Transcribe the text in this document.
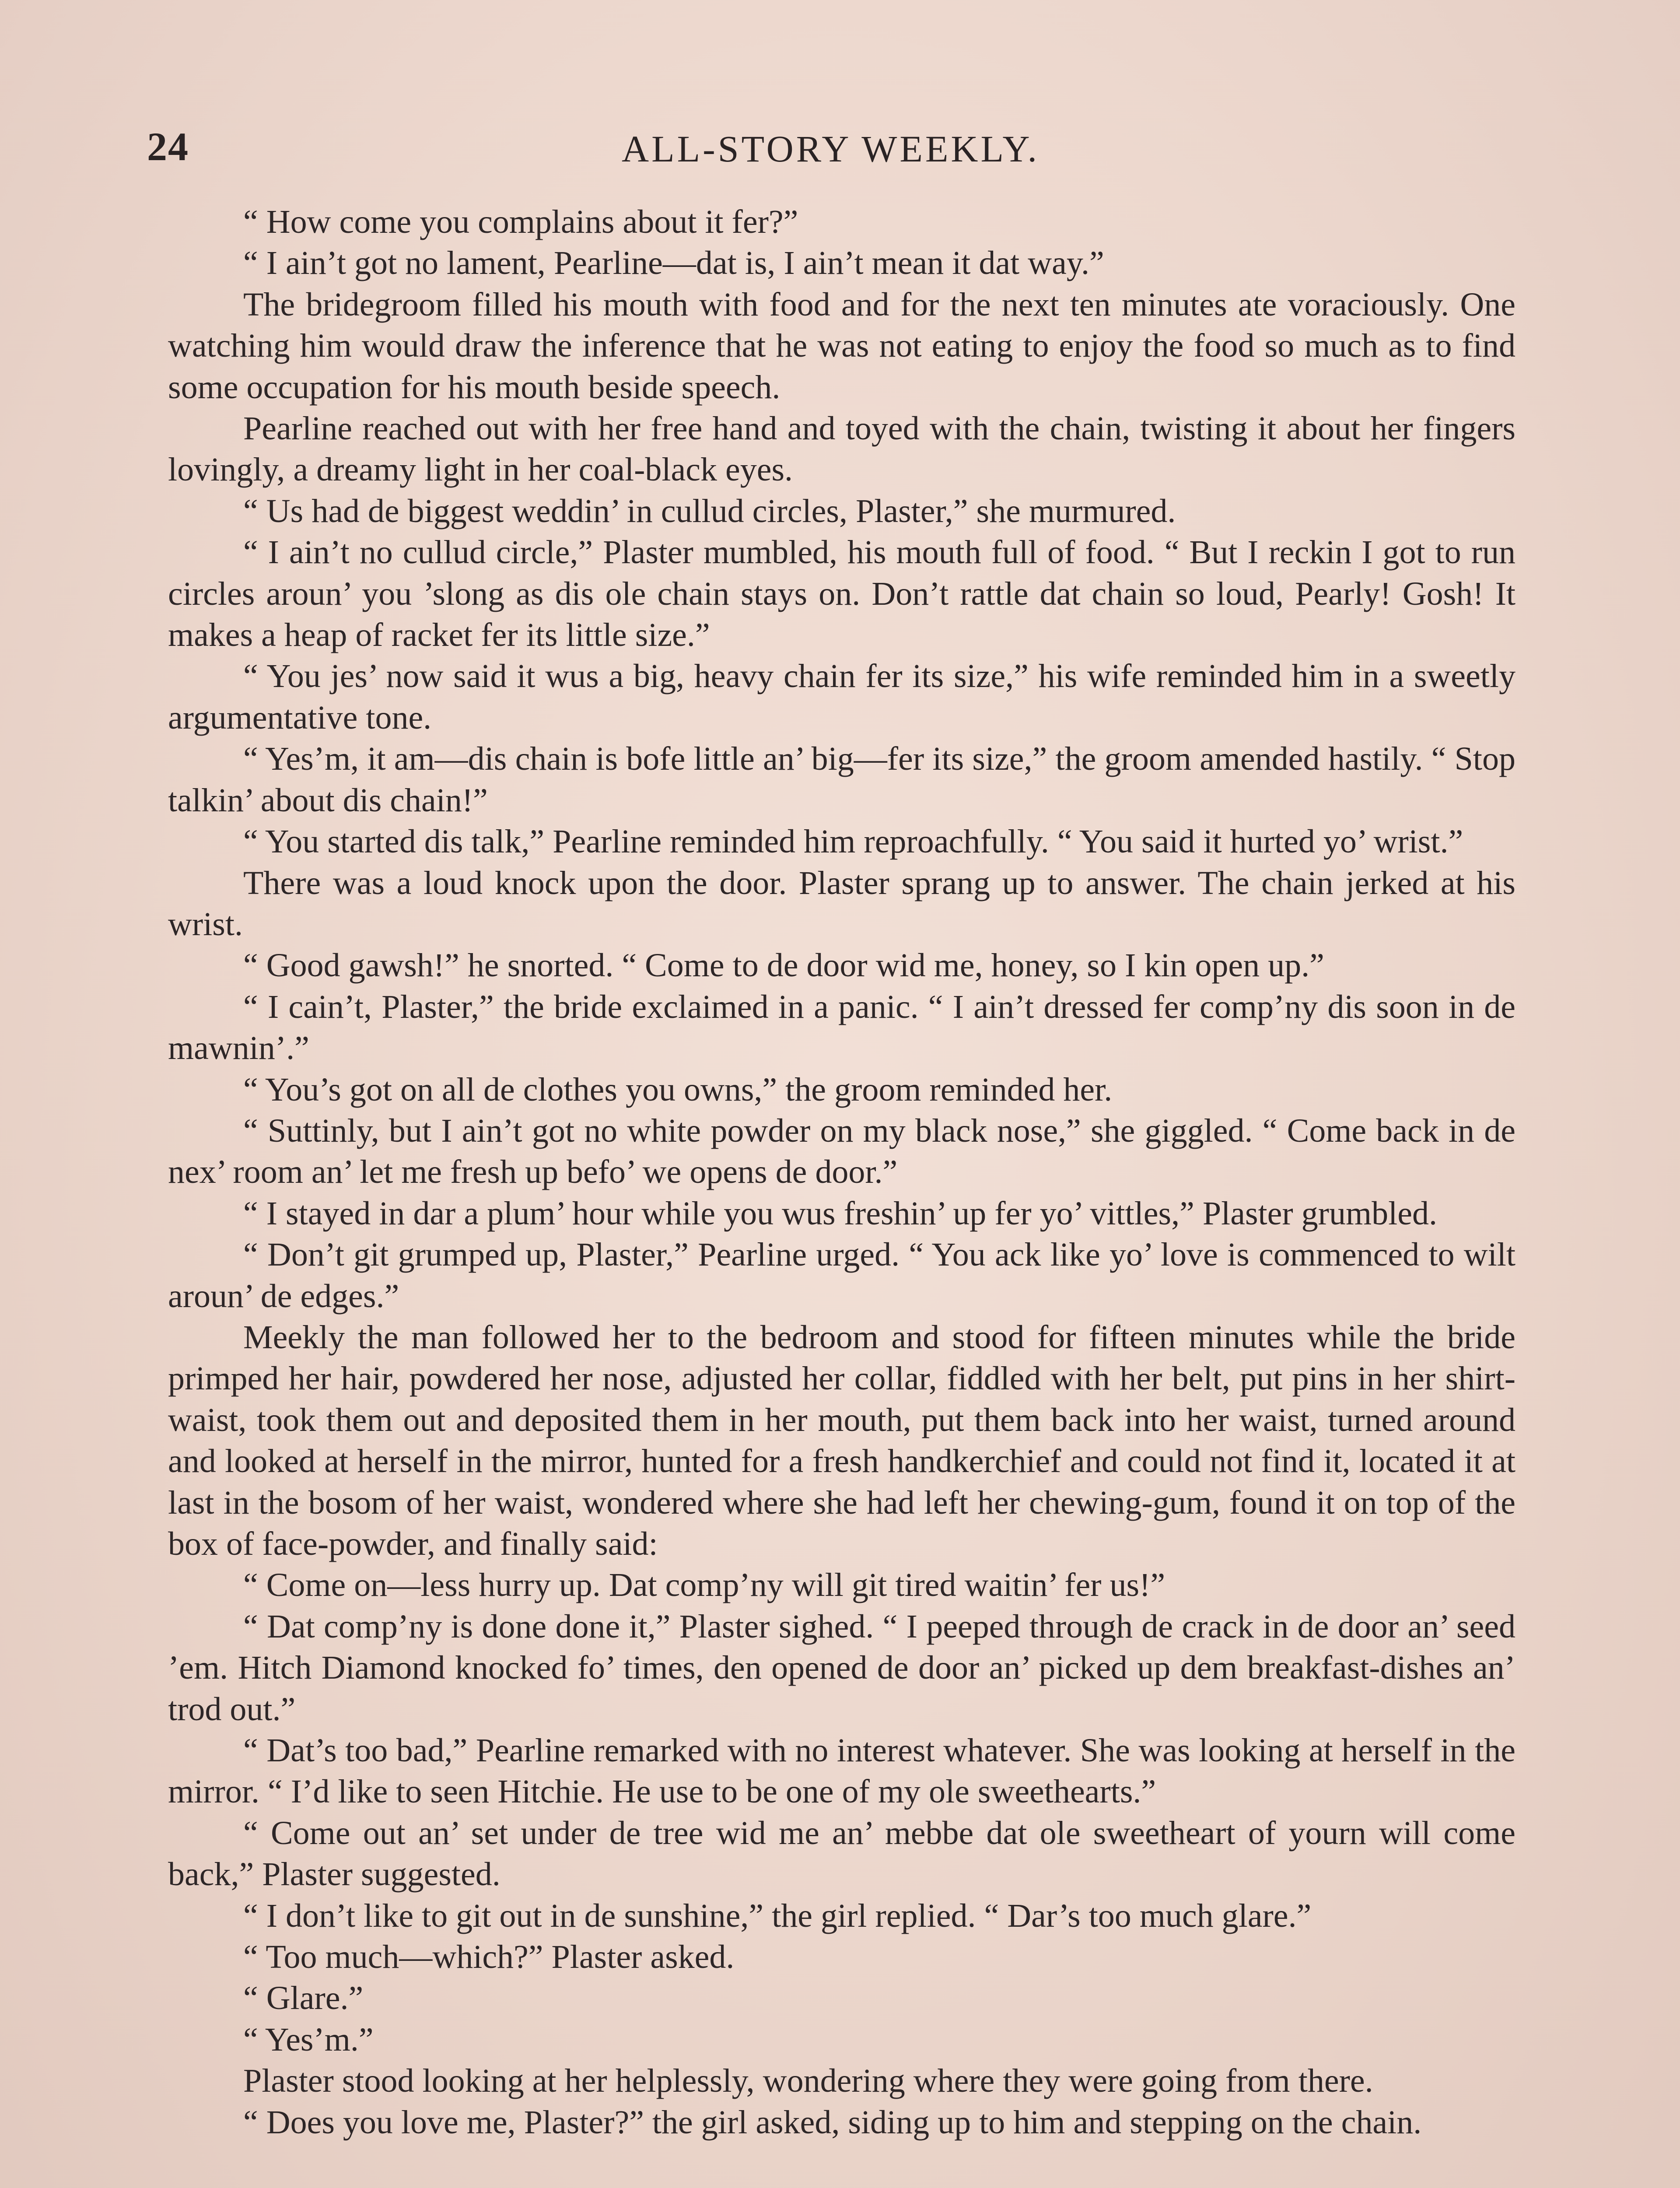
24	ALL-STORY WEEKLY.

“ How come you complains about it fer?”

“ I ain’t got no lament, Pearline—dat is, I ain’t mean it dat way.”

The bridegroom filled his mouth with food and for the next ten minutes ate voraciously. One watching him would draw the inference that he was not eating to enjoy the food so much as to find some occupation for his mouth beside speech.

Pearline reached out with her free hand and toyed with the chain, twisting it about her fingers lovingly, a dreamy light in her coal-black eyes.

“ Us had de biggest weddin’ in cullud circles, Plaster,” she murmured.

“ I ain’t no cullud circle,” Plaster mumbled, his mouth full of food. “ But I reckin I got to run circles aroun’ you ’slong as dis ole chain stays on. Don’t rattle dat chain so loud, Pearly! Gosh! It makes a heap of racket fer its little size.”

“ You jes’ now said it wus a big, heavy chain fer its size,” his wife reminded him in a sweetly argumentative tone.

“ Yes’m, it am—dis chain is bofe little an’ big—fer its size,” the groom amended hastily. “ Stop talkin’ about dis chain!”

“ You started dis talk,” Pearline reminded him reproachfully. “ You said it hurted yo’ wrist.”

There was a loud knock upon the door. Plaster sprang up to answer. The chain jerked at his wrist.

“ Good gawsh!” he snorted. “ Come to de door wid me, honey, so I kin open up.”

“ I cain’t, Plaster,” the bride exclaimed in a panic. “ I ain’t dressed fer comp’ny dis soon in de mawnin’.”

“ You’s got on all de clothes you owns,” the groom reminded her.

“ Suttinly, but I ain’t got no white powder on my black nose,” she giggled. “ Come back in de nex’ room an’ let me fresh up befo’ we opens de door.”

“ I stayed in dar a plum’ hour while you wus freshin’ up fer yo’ vittles,” Plaster grumbled.

“ Don’t git grumped up, Plaster,” Pearline urged. “ You ack like yo’ love is commenced to wilt aroun’ de edges.”

Meekly the man followed her to the bedroom and stood for fifteen minutes while the bride primped her hair, powdered her nose, adjusted her collar, fiddled with her belt, put pins in her shirt-waist, took them out and deposited them in her mouth, put them back into her waist, turned around and looked at herself in the mirror, hunted for a fresh handkerchief and could not find it, located it at last in the bosom of her waist, wondered where she had left her chewing-gum, found it on top of the box of face-powder, and finally said:

“ Come on—less hurry up. Dat comp’ny will git tired waitin’ fer us!”

“ Dat comp’ny is done done it,” Plaster sighed. “ I peeped through de crack in de door an’ seed ’em. Hitch Diamond knocked fo’ times, den opened de door an’ picked up dem breakfast-dishes an’ trod out.”

“ Dat’s too bad,” Pearline remarked with no interest whatever. She was looking at herself in the mirror. “ I’d like to seen Hitchie. He use to be one of my ole sweethearts.”

“ Come out an’ set under de tree wid me an’ mebbe dat ole sweetheart of yourn will come back,” Plaster suggested.

“ I don’t like to git out in de sunshine,” the girl replied. “ Dar’s too much glare.”

“ Too much—which?” Plaster asked.

“ Glare.”

“ Yes’m.”

Plaster stood looking at her helplessly, wondering where they were going from there.

“ Does you love me, Plaster?” the girl asked, siding up to him and stepping on the chain.
